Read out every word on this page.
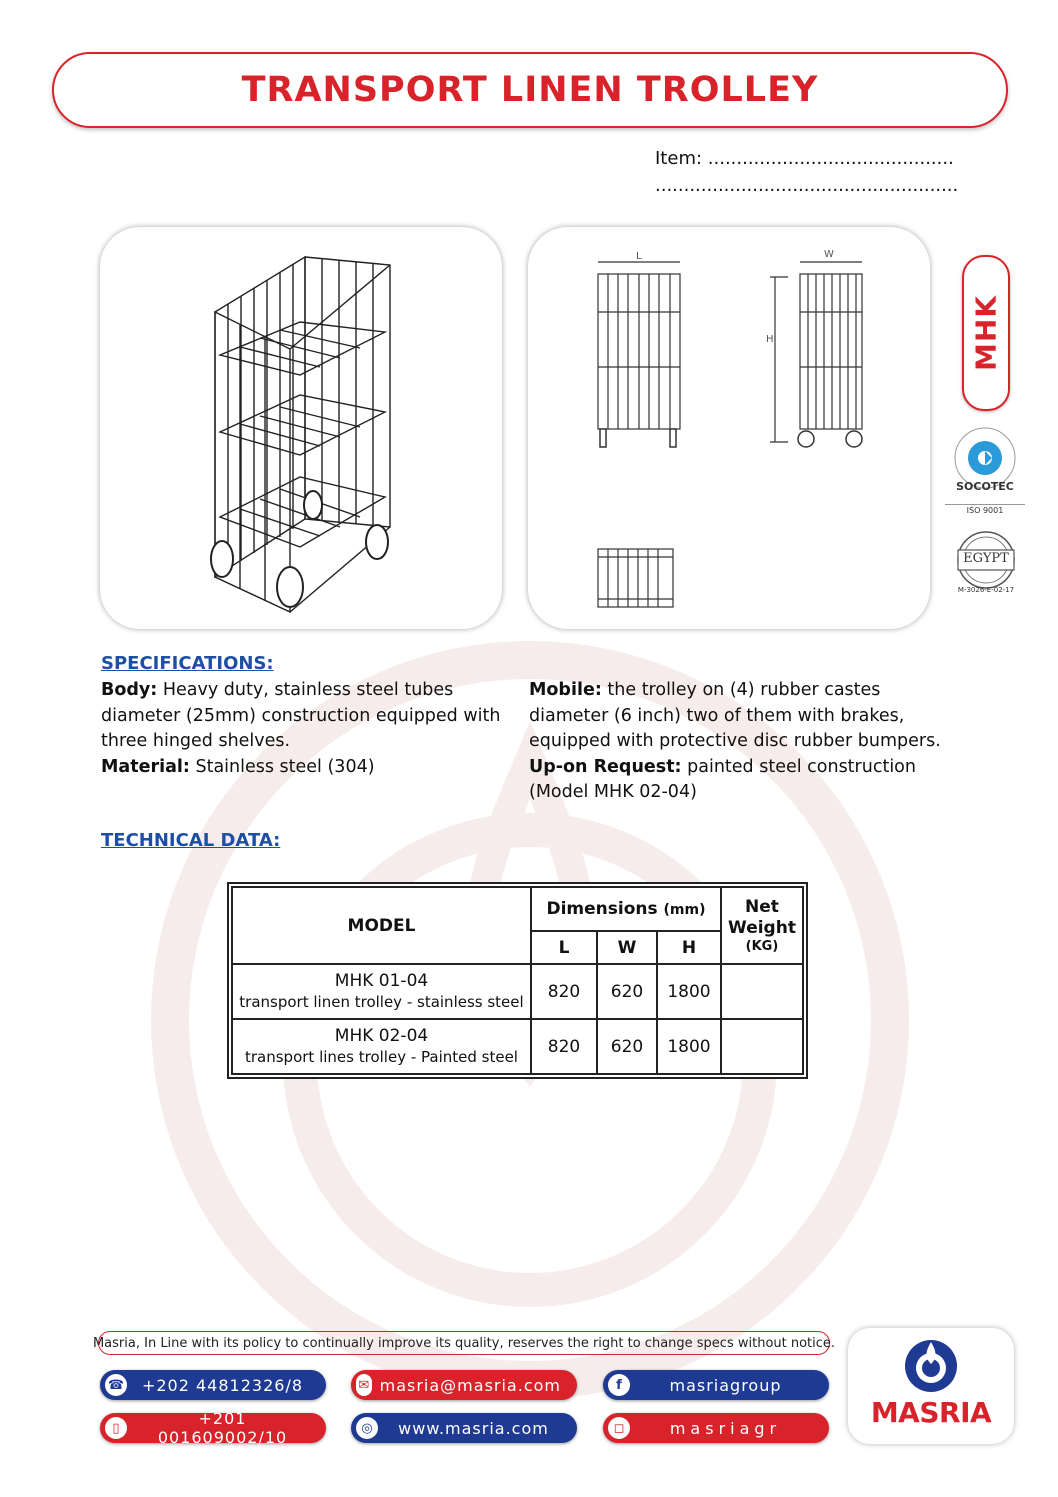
TRANSPORT LINEN TROLLEY
Item: ...........................................
.....................................................
L	W
H	MHK
SOCOTEC
ISO 9001
EGYPT
M-3026-E-02-17
SPECIFICATIONS:
Body: Heavy duty, stainless steel tubes diameter (25mm) construction equipped with three hinged shelves.
Material: Stainless steel (304)
Mobile: the trolley on (4) rubber castes diameter (6 inch) two of them with brakes, equipped with protective disc rubber bumpers.
Up-on Request: painted steel construction (Model MHK 02-04)
TECHNICAL DATA:
MODEL	Dimensions (mm)			Net
Weight
(KG)

	L	W	H	

MHK 01-04
transport linen trolley - stainless steel	820	620	1800	

MHK 02-04
transport lines trolley - Painted steel	820	620	1800	
Masria, In Line with its policy to continually improve its quality, reserves the right to change specs without notice.
☎	+202 44812326/8
▯	+201 001609002/10
✉ masria@masria.com
◎	www.masria.com
f	masriagroup
◻	masriagr	MASRIA
